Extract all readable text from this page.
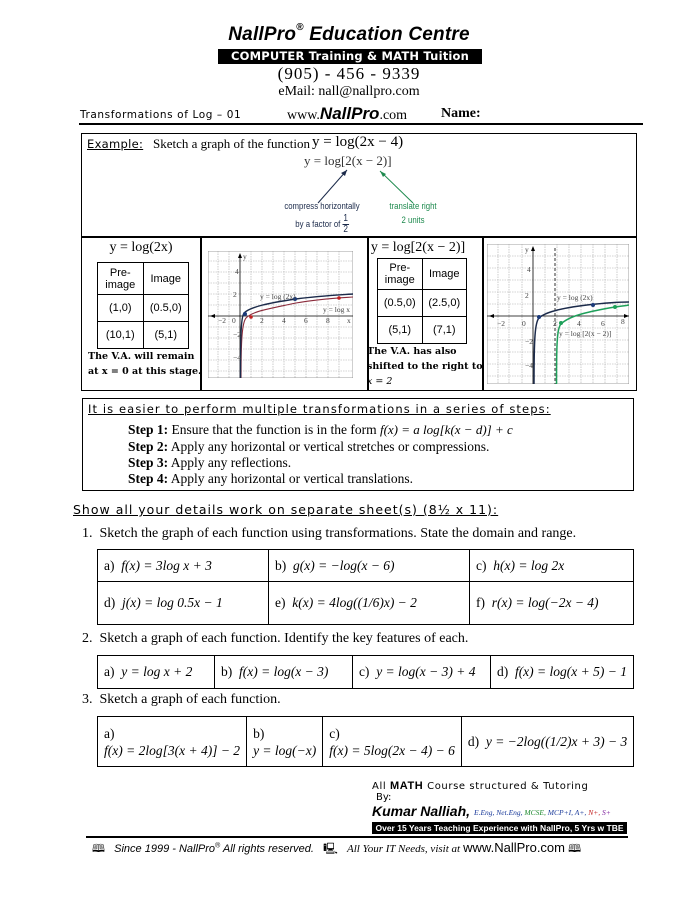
NallPro® Education Centre
COMPUTER Training & MATH Tuition
(905) - 456 - 9339
eMail: nall@nallpro.com
Transformations of Log – 01	www.NallPro.com Name:
Example: Sketch a graph of the function y = log(2x − 4)
y = log[2(x − 2)]
compress horizontally
by a factor of $\frac{1}{2}$
translate right
2 units
y = log(2x)
Pre-image	Image
(1,0)	(0.5,0)
(10,1)	(5,1)
The V.A. will remain
at x = 0 at this stage.
y
4
2
−2
−4
−2 0	2 4 6 8 x
y = log (2x)
y = log x
y = log[2(x − 2)]
Pre-image	Image
(0.5,0)	(2.5,0)
(5,1)	(7,1)
The V.A. has also
shifted to the right to
x = 2
y
4
2
−2
−4
−2 0	2	4	6 8
y = log (2x)
y = log [2(x − 2)]
It is easier to perform multiple transformations in a series of steps:
Step 1: Ensure that the function is in the form f(x) = a log[k(x − d)] + c
Step 2: Apply any horizontal or vertical stretches or compressions.
Step 3: Apply any reflections.
Step 4: Apply any horizontal or vertical translations.
Show all your details work on separate sheet(s) (8½ x 11):
1. Sketch the graph of each function using transformations. State the domain and range.
a) f(x) = 3log x + 3	b) g(x) = −log(x − 6)	c) h(x) = log 2x
d) j(x) = log 0.5x − 1	e) k(x) = 4log((1/6)x) − 2	f) r(x) = log(−2x − 4)
2. Sketch a graph of each function. Identify the key features of each.
a) y = log x + 2	b) f(x) = log(x − 3)	c) y = log(x − 3) + 4	d) f(x) = log(x + 5) − 1
3. Sketch a graph of each function.
a)
f(x) = 2log[3(x + 4)] − 2	
b)
y = log(−x)	
c)
f(x) = 5log(2x − 4) − 6	d) y = −2log((1/2)x + 3) − 3
All MATH Course structured & Tutoring
By:
Kumar Nalliah, E.Eng, Net.Eng, MCSE, MCP+I, A+, N+, S+
Over 15 Years Teaching Experience with NallPro, 5 Yrs w TBE
🕮 Since 1999 - NallPro® All rights reserved. 🖳 All Your IT Needs, visit at www.NallPro.com 🕮
